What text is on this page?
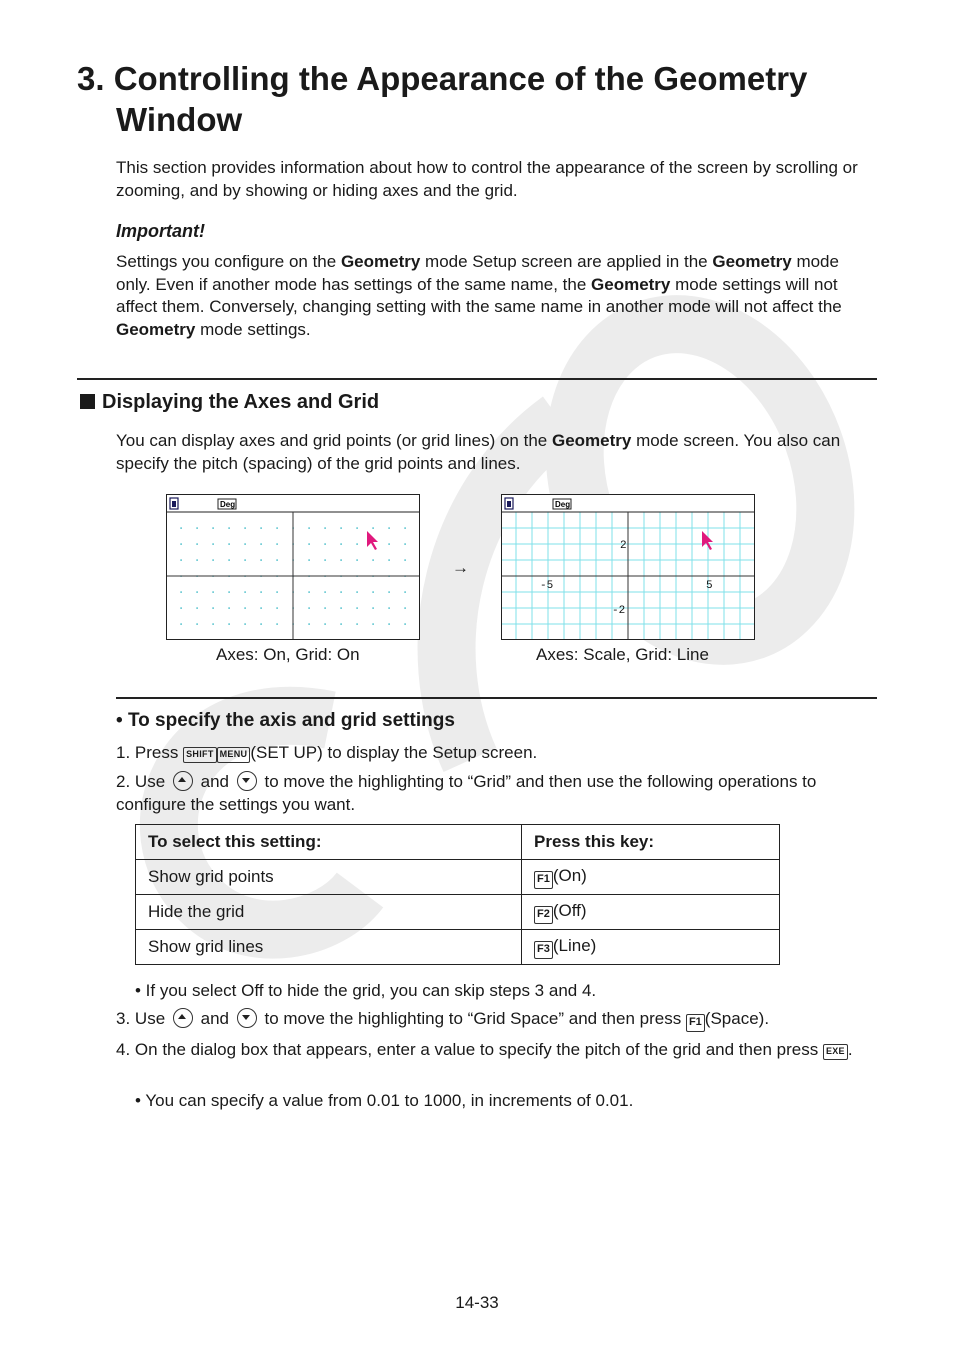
3. Controlling the Appearance of the Geometry
Window
This section provides information about how to control the appearance of the screen by scrolling or zooming, and by showing or hiding axes and the grid.
Important!
Settings you configure on the Geometry mode Setup screen are applied in the Geometry mode only. Even if another mode has settings of the same name, the Geometry mode settings will not affect them. Conversely, changing setting with the same name in another mode will not affect the Geometry mode settings.
Displaying the Axes and Grid
You can display axes and grid points (or grid lines) on the Geometry mode screen. You also can specify the pitch (spacing) of the grid points and lines.
Deg
→
Deg
2
-5	5
-2
Axes: On, Grid: On	Axes: Scale, Grid: Line
• To specify the axis and grid settings
1. Press SHIFT MENU (SET UP) to display the Setup screen.
2. Use and to move the highlighting to “Grid” and then use the following operations to configure the settings you want.
To select this setting:	Press this key:
Show grid points	F1 (On)
Hide the grid	F2 (Off)
Show grid lines	F3 (Line)
• If you select Off to hide the grid, you can skip steps 3 and 4.
3. Use and to move the highlighting to “Grid Space” and then press F1 (Space).
4. On the dialog box that appears, enter a value to specify the pitch of the grid and then press EXE .
• You can specify a value from 0.01 to 1000, in increments of 0.01.
14-33
